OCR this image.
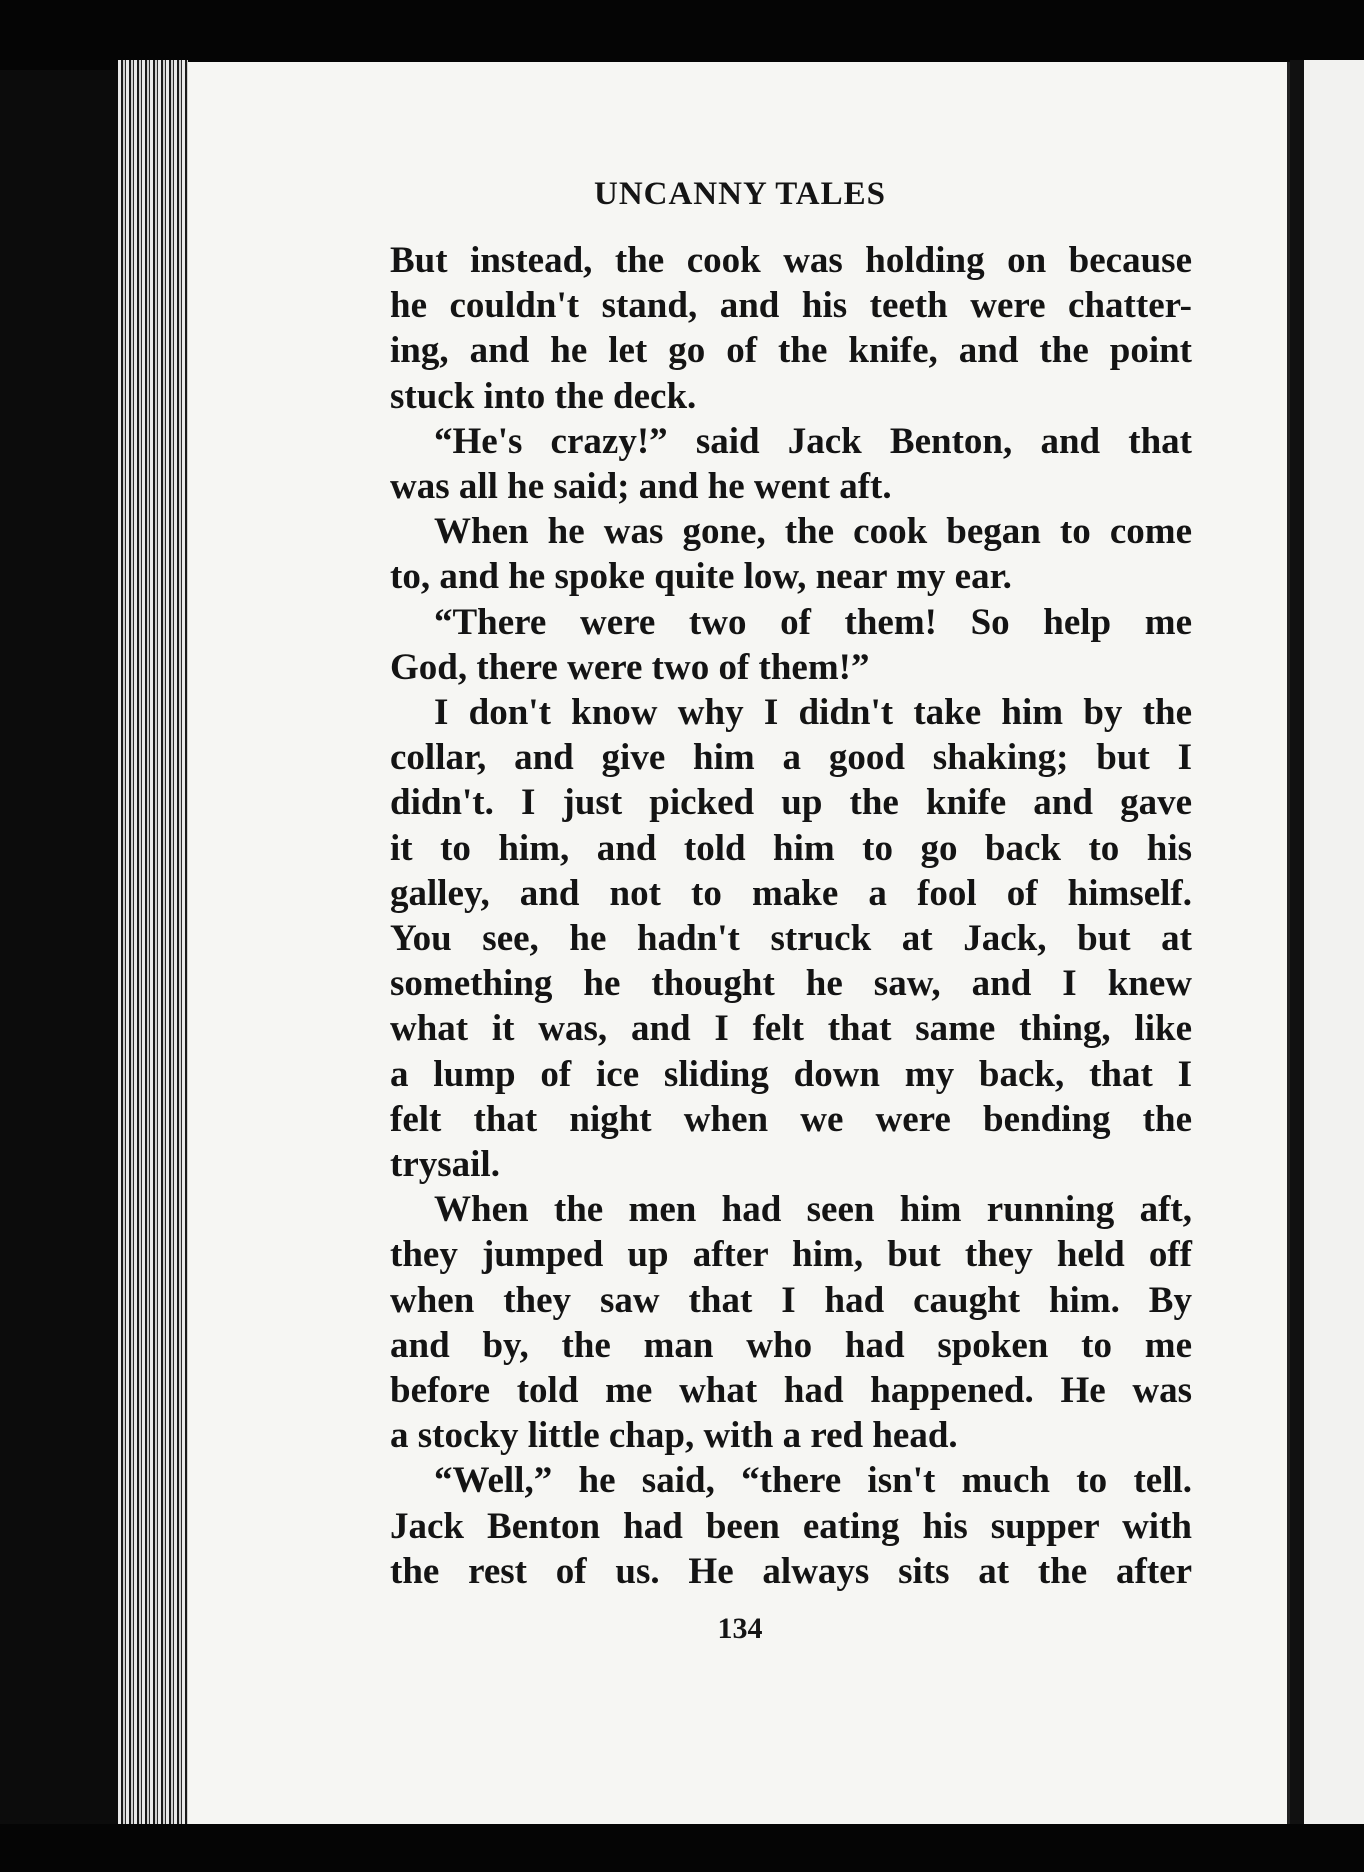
UNCANNY TALES
But instead, the cook was holding on because
he couldn't stand, and his teeth were chatter-
ing, and he let go of the knife, and the point
stuck into the deck.
“He's crazy!” said Jack Benton, and that
was all he said; and he went aft.
When he was gone, the cook began to come
to, and he spoke quite low, near my ear.
“There were two of them! So help me
God, there were two of them!”
I don't know why I didn't take him by the
collar, and give him a good shaking; but I
didn't. I just picked up the knife and gave
it to him, and told him to go back to his
galley, and not to make a fool of himself.
You see, he hadn't struck at Jack, but at
something he thought he saw, and I knew
what it was, and I felt that same thing, like
a lump of ice sliding down my back, that I
felt that night when we were bending the
trysail.
When the men had seen him running aft,
they jumped up after him, but they held off
when they saw that I had caught him. By
and by, the man who had spoken to me
before told me what had happened. He was
a stocky little chap, with a red head.
“Well,” he said, “there isn't much to tell.
Jack Benton had been eating his supper with
the rest of us. He always sits at the after
134
